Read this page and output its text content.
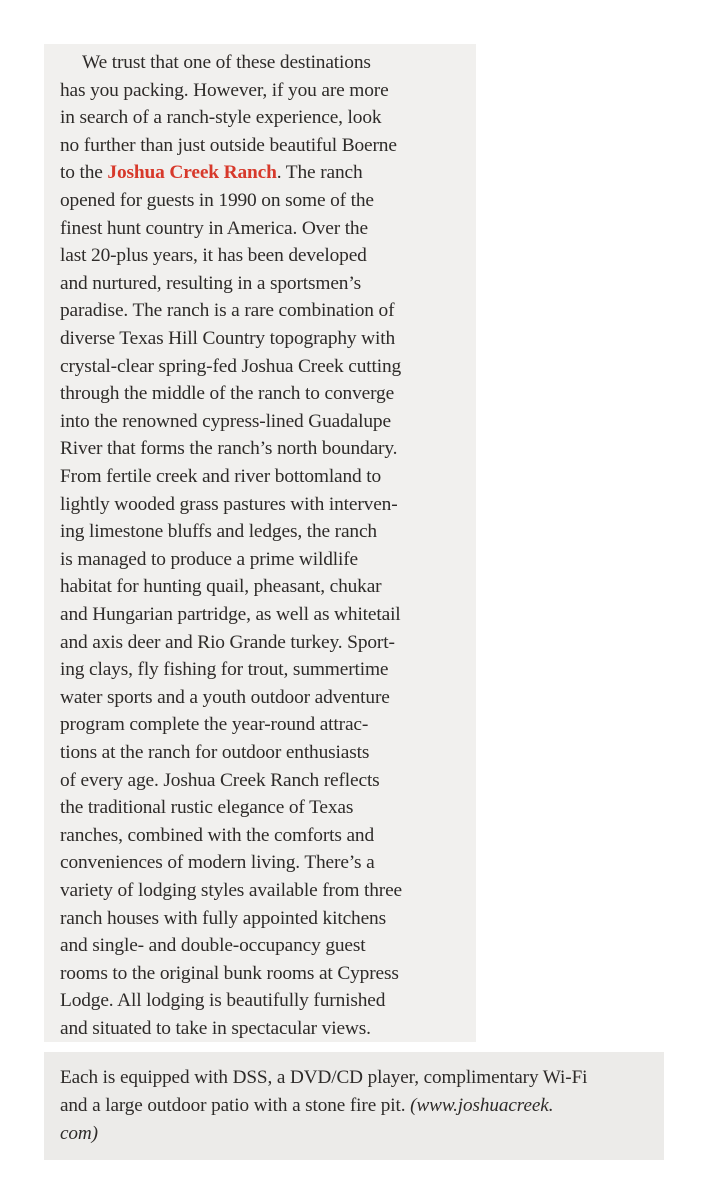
We trust that one of these destinations
has you packing. However, if you are more
in search of a ranch-style experience, look
no further than just outside beautiful Boerne
to the Joshua Creek Ranch. The ranch
opened for guests in 1990 on some of the
finest hunt country in America. Over the
last 20-plus years, it has been developed
and nurtured, resulting in a sportsmen’s
paradise. The ranch is a rare combination of
diverse Texas Hill Country topography with
crystal-clear spring-fed Joshua Creek cutting
through the middle of the ranch to converge
into the renowned cypress-lined Guadalupe
River that forms the ranch’s north boundary.
From fertile creek and river bottomland to
lightly wooded grass pastures with interven-
ing limestone bluffs and ledges, the ranch
is managed to produce a prime wildlife
habitat for hunting quail, pheasant, chukar
and Hungarian partridge, as well as whitetail
and axis deer and Rio Grande turkey. Sport-
ing clays, fly fishing for trout, summertime
water sports and a youth outdoor adventure
program complete the year-round attrac-
tions at the ranch for outdoor enthusiasts
of every age. Joshua Creek Ranch reflects
the traditional rustic elegance of Texas
ranches, combined with the comforts and
conveniences of modern living. There’s a
variety of lodging styles available from three
ranch houses with fully appointed kitchens
and single- and double-occupancy guest
rooms to the original bunk rooms at Cypress
Lodge. All lodging is beautifully furnished
and situated to take in spectacular views.
Each is equipped with DSS, a DVD/CD player, complimentary Wi-Fi
and a large outdoor patio with a stone fire pit. (www.joshuacreek.
com)
